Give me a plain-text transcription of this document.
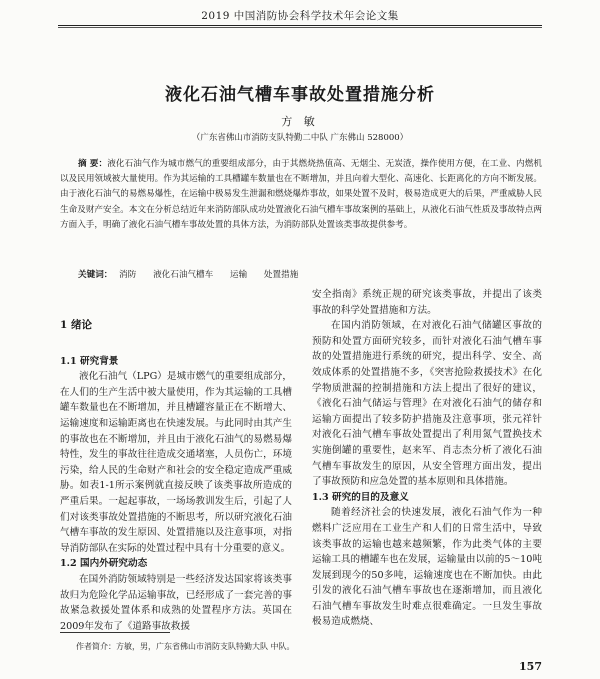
2019 中国消防协会科学技术年会论文集
液化石油气槽车事故处置措施分析
方 敏
（广东省佛山市消防支队特勤二中队 广东佛山 528000）
摘 要：液化石油气作为城市燃气的重要组成部分，由于其燃烧热值高、无烟尘、无炭渣，操作使用方便，在工业、内燃机以及民用领域被大量使用。作为其运输的工具槽罐车数量也在不断增加，并且向着大型化、高速化、长距离化的方向不断发展。由于液化石油气的易燃易爆性，在运输中极易发生泄漏和燃烧爆炸事故，如果处置不及时，极易造成更大的后果，严重威胁人民生命及财产安全。本文在分析总结近年来消防部队成功处置液化石油气槽车事故案例的基础上，从液化石油气性质及事故特点两方面入手，明确了液化石油气槽车事故处置的具体方法，为消防部队处置该类事故提供参考。
关键词： 消防 液化石油气槽车 运输 处置措施

1 绪论

1.1 研究背景

液化石油气（LPG）是城市燃气的重要组成部分，在人们的生产生活中被大量使用，作为其运输的工具槽罐车数量也在不断增加，并且槽罐容量正在不断增大、运输速度和运输距离也在快速发展。与此同时由其产生的事故也在不断增加，并且由于液化石油气的易燃易爆特性，发生的事故往往造成交通堵塞，人员伤亡，环境污染，给人民的生命财产和社会的安全稳定造成严重威胁。如表1-1所示案例就直接反映了该类事故所造成的严重后果。一起起事故，一场场教训发生后，引起了人们对该类事故处置措施的不断思考，所以研究液化石油气槽车事故的发生原因、处置措施以及注意事项，对指导消防部队在实际的处置过程中具有十分重要的意义。

1.2 国内外研究动态

在国外消防领域特别是一些经济发达国家将该类事故归为危险化学品运输事故，已经形成了一套完善的事故紧急救援处置体系和成熟的处置程序方法。英国在2009年发布了《道路事故救援

安全指南》系统正规的研究该类事故，并提出了该类事故的科学处置措施和方法。

在国内消防领域，在对液化石油气储罐区事故的预防和处置方面研究较多，而针对液化石油气槽车事故的处置措施进行系统的研究，提出科学、安全、高效成体系的处置措施不多，《突害抢险救援技术》在化学物质泄漏的控制措施和方法上提出了很好的建议，《液化石油气储运与管理》在对液化石油气的储存和运输方面提出了较多防护措施及注意事项，张元祥针对液化石油气槽车事故处置提出了利用氮气置换技术实施倒罐的重要性，赵来军、肖志杰分析了液化石油气槽车事故发生的原因，从安全管理方面出发，提出了事故预防和应急处置的基本原则和具体措施。

1.3 研究的目的及意义

随着经济社会的快速发展，液化石油气作为一种燃料广泛应用在工业生产和人们的日常生活中，导致该类事故的运输也越来越频繁，作为此类气体的主要运输工具的槽罐车也在发展，运输量由以前的5～10吨发展到现今的50多吨，运输速度也在不断加快。由此引发的液化石油气槽车事故也在逐渐增加，而且液化石油气槽车事故发生时难点很难确定。一旦发生事故极易造成燃烧、

作者简介：方敏，男，广东省佛山市消防支队特勤大队 中队。
157
